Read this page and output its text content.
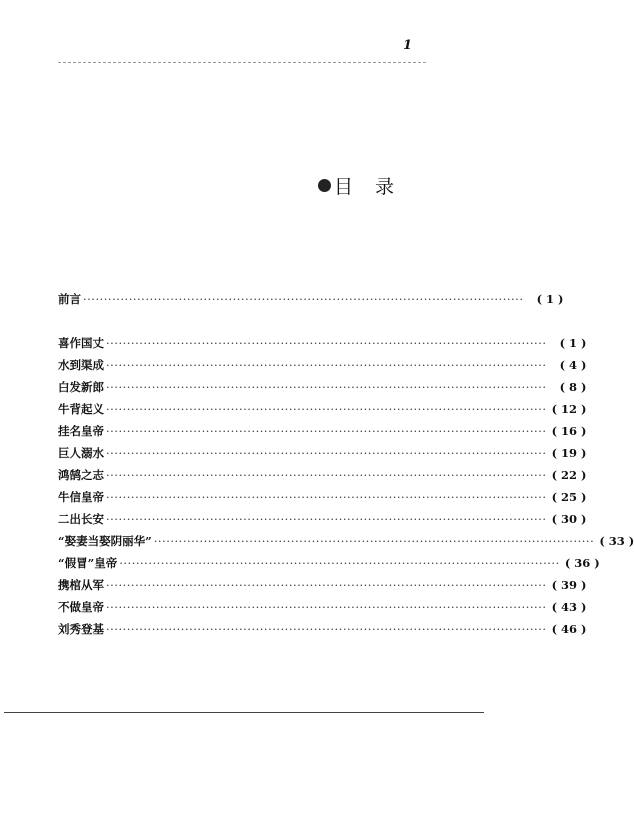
1
目 录
前言 ··········································································································	( 1 )
喜作国丈 ··········································································································	( 1 )
水到渠成 ··········································································································	( 4 )
白发新郎 ··········································································································	( 8 )
牛背起义 ·········································································································· ( 12 )
挂名皇帝 ·········································································································· ( 16 )
巨人溺水 ·········································································································· ( 19 )
鸿鹄之志 ·········································································································· ( 22 )
牛信皇帝 ·········································································································· ( 25 )
二出长安 ·········································································································· ( 30 )
“娶妻当娶阴丽华” ·········································································································· ( 33 )
“假冒”皇帝 ·········································································································· ( 36 )
携棺从军 ·········································································································· ( 39 )
不做皇帝 ·········································································································· ( 43 )
刘秀登基 ·········································································································· ( 46 )
